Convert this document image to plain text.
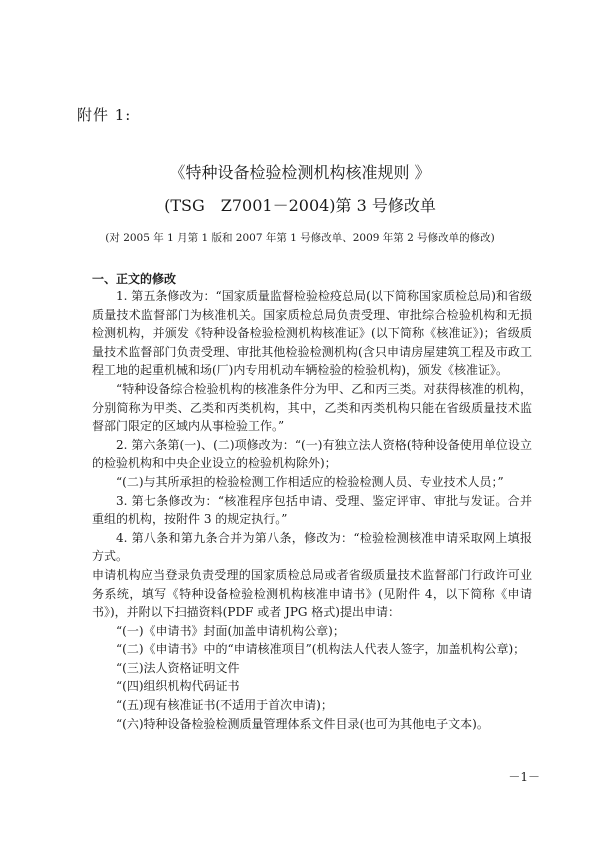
附件 1:
《特种设备检验检测机构核准规则 》
(TSG　Z7001－2004)第 3 号修改单
(对 2005 年 1 月第 1 版和 2007 年第 1 号修改单、2009 年第 2 号修改单的修改)
一、正文的修改

1. 第五条修改为：“国家质量监督检验检疫总局(以下简称国家质检总局)和省级质量技术监督部门为核准机关。国家质检总局负责受理、审批综合检验机构和无损检测机构，并颁发《特种设备检验检测机构核准证》(以下简称《核准证》)；省级质量技术监督部门负责受理、审批其他检验检测机构(含只申请房屋建筑工程及市政工程工地的起重机械和场(厂)内专用机动车辆检验的检验机构)，颁发《核准证》。

“特种设备综合检验机构的核准条件分为甲、乙和丙三类。对获得核准的机构，分别简称为甲类、乙类和丙类机构，其中，乙类和丙类机构只能在省级质量技术监督部门限定的区域内从事检验工作。”

2. 第六条第(一)、(二)项修改为：“(一)有独立法人资格(特种设备使用单位设立的检验机构和中央企业设立的检验机构除外)；

“(二)与其所承担的检验检测工作相适应的检验检测人员、专业技术人员；”

3. 第七条修改为：“核准程序包括申请、受理、鉴定评审、审批与发证。合并重组的机构，按附件 3 的规定执行。”

4. 第八条和第九条合并为第八条，修改为：“检验检测核准申请采取网上填报方式。

申请机构应当登录负责受理的国家质检总局或者省级质量技术监督部门行政许可业务系统，填写《特种设备检验检测机构核准申请书》(见附件 4，以下简称《申请书》)，并附以下扫描资料(PDF 或者 JPG 格式)提出申请：

“(一)《申请书》封面(加盖申请机构公章)；

“(二)《申请书》中的“申请核准项目”(机构法人代表人签字，加盖机构公章)；

“(三)法人资格证明文件

“(四)组织机构代码证书

“(五)现有核准证书(不适用于首次申请)；

“(六)特种设备检验检测质量管理体系文件目录(也可为其他电子文本)。

－1－
